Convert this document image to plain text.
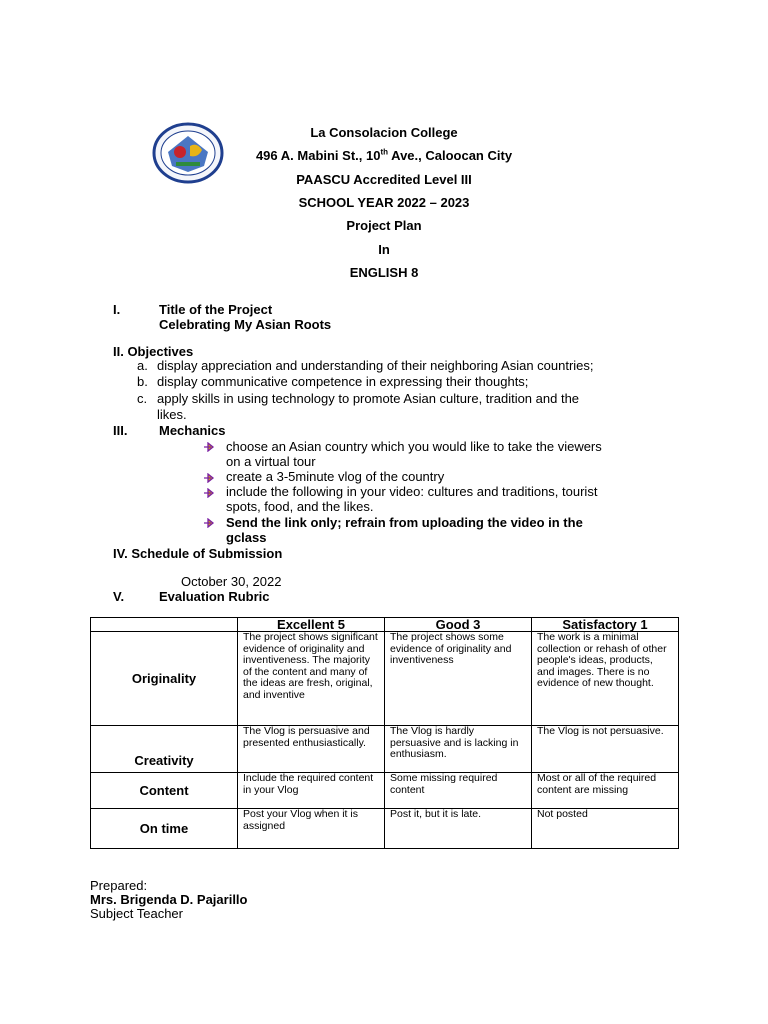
La Consolacion College
496 A. Mabini St., 10th Ave., Caloocan City
PAASCU Accredited Level III
SCHOOL YEAR 2022 – 2023
Project Plan
In
ENGLISH 8
I.	Title of the Project
Celebrating My Asian Roots
II. Objectives
a. display appreciation and understanding of their neighboring Asian countries;
b. display communicative competence in expressing their thoughts;
c. apply skills in using technology to promote Asian culture, tradition and the
likes.
III. Mechanics
choose an Asian country which you would like to take the viewers
on a virtual tour
create a 3-5minute vlog of the country
include the following in your video: cultures and traditions, tourist
spots, food, and the likes.
Send the link only; refrain from uploading the video in the
gclass
IV. Schedule of Submission
October 30, 2022
V.	Evaluation Rubric
	Excellent 5	Good 3	Satisfactory 1
Originality	The project shows significant evidence of originality and inventiveness. The majority of the content and many of the ideas are fresh, original, and inventive	The project shows some evidence of originality and inventiveness	The work is a minimal collection or rehash of other people's ideas, products, and images. There is no evidence of new thought.
Creativity	The Vlog is persuasive and presented enthusiastically.	The Vlog is hardly persuasive and is lacking in enthusiasm.	The Vlog is not persuasive.
Content	Include the required content in your Vlog	Some missing required content	Most or all of the required content are missing
On time	Post your Vlog when it is assigned	Post it, but it is late.	Not posted
Prepared:
Mrs. Brigenda D. Pajarillo
Subject Teacher
